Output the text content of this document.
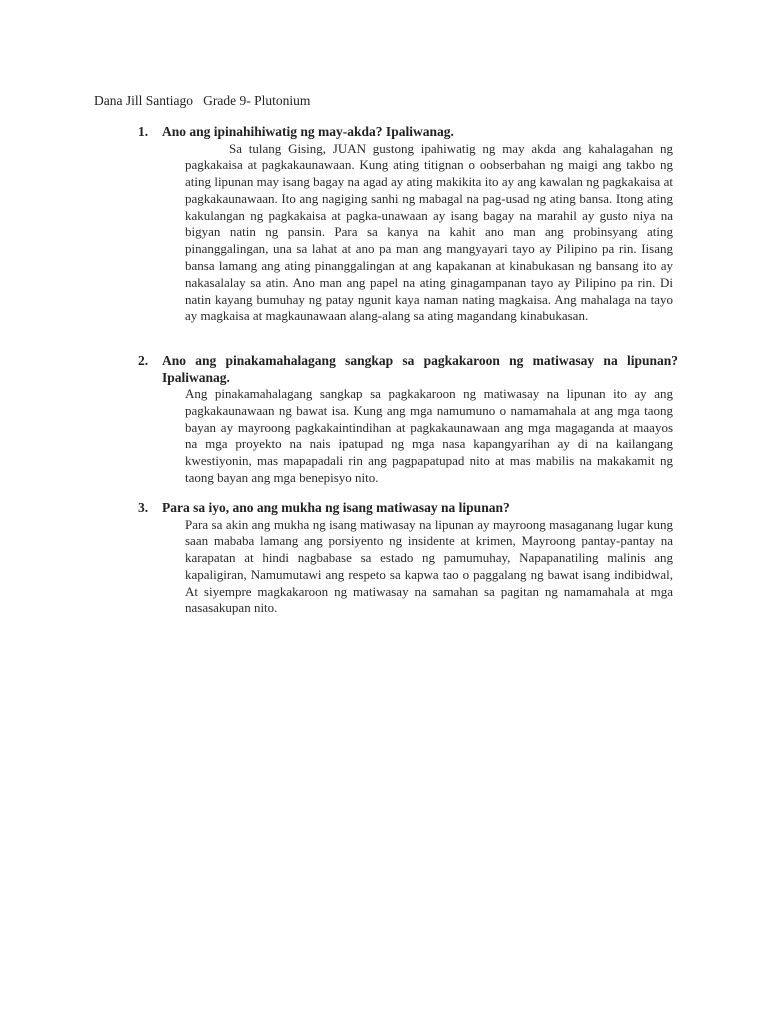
Dana Jill Santiago Grade 9- Plutonium
1.	Ano ang ipinahihiwatig ng may-akda? Ipaliwanag.
Sa tulang Gising, JUAN gustong ipahiwatig ng may akda ang kahalagahan ng pagkakaisa at pagkakaunawaan. Kung ating titignan o oobserbahan ng maigi ang takbo ng ating lipunan may isang bagay na agad ay ating makikita ito ay ang kawalan ng pagkakaisa at pagkakaunawaan. Ito ang nagiging sanhi ng mabagal na pag-usad ng ating bansa. Itong ating kakulangan ng pagkakaisa at pagka-unawaan ay isang bagay na marahil ay gusto niya na bigyan natin ng pansin. Para sa kanya na kahit ano man ang probinsyang ating pinanggalingan, una sa lahat at ano pa man ang mangyayari tayo ay Pilipino pa rin. Iisang bansa lamang ang ating pinanggalingan at ang kapakanan at kinabukasan ng bansang ito ay nakasalalay sa atin. Ano man ang papel na ating ginagampanan tayo ay Pilipino pa rin. Di natin kayang bumuhay ng patay ngunit kaya naman nating magkaisa. Ang mahalaga na tayo ay magkaisa at magkaunawaan alang-alang sa ating magandang kinabukasan.
2.	Ano ang pinakamahalagang sangkap sa pagkakaroon ng matiwasay na lipunan? Ipaliwanag.
Ang pinakamahalagang sangkap sa pagkakaroon ng matiwasay na lipunan ito ay ang pagkakaunawaan ng bawat isa. Kung ang mga namumuno o namamahala at ang mga taong bayan ay mayroong pagkakaintindihan at pagkakaunawaan ang mga magaganda at maayos na mga proyekto na nais ipatupad ng mga nasa kapangyarihan ay di na kailangang kwestiyonin, mas mapapadali rin ang pagpapatupad nito at mas mabilis na makakamit ng taong bayan ang mga benepisyo nito.
3.	Para sa iyo, ano ang mukha ng isang matiwasay na lipunan?
Para sa akin ang mukha ng isang matiwasay na lipunan ay mayroong masaganang lugar kung saan mababa lamang ang porsiyento ng insidente at krimen, Mayroong pantay-pantay na karapatan at hindi nagbabase sa estado ng pamumuhay, Napapanatiling malinis ang kapaligiran, Namumutawi ang respeto sa kapwa tao o paggalang ng bawat isang indibidwal, At siyempre magkakaroon ng matiwasay na samahan sa pagitan ng namamahala at mga nasasakupan nito.
